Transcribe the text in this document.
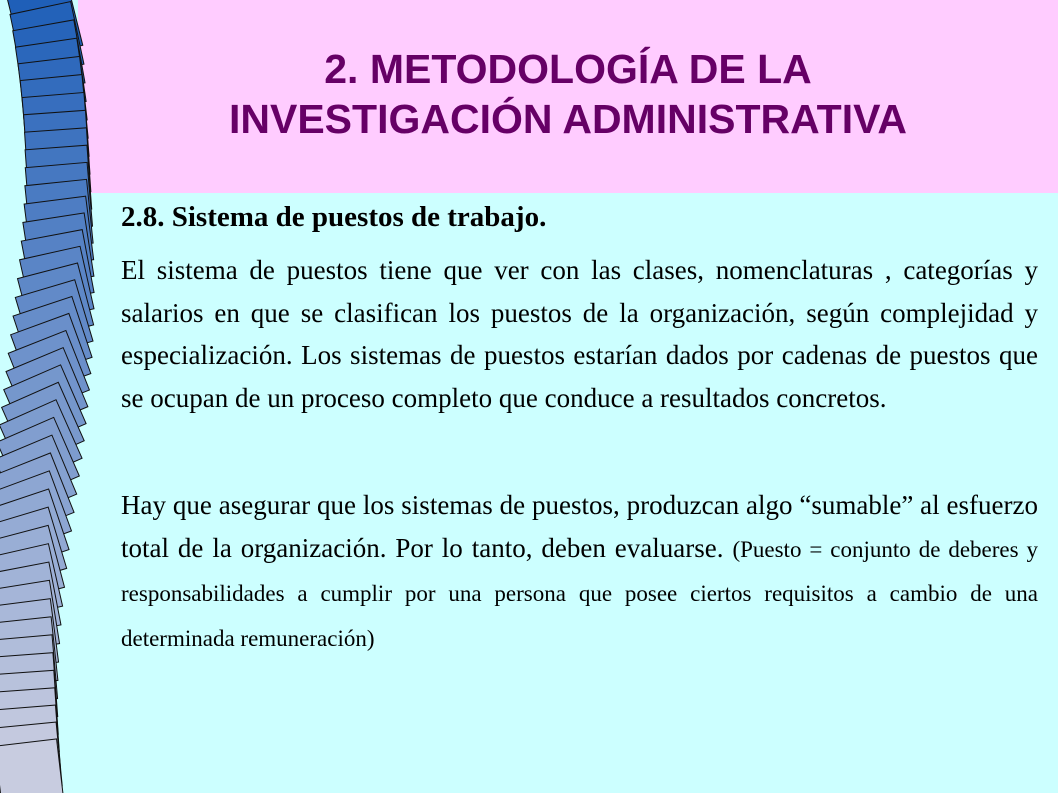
2. METODOLOGÍA DE LA
INVESTIGACIÓN ADMINISTRATIVA

2.8. Sistema de puestos de trabajo.

El sistema de puestos tiene que ver con las clases, nomenclaturas , categorías y salarios en que se clasifican los puestos de la organización, según complejidad y especialización. Los sistemas de puestos estarían dados por cadenas de puestos que se ocupan de un proceso completo que conduce a resultados concretos.

Hay que asegurar que los sistemas de puestos, produzcan algo “sumable” al esfuerzo total de la organización. Por lo tanto, deben evaluarse. (Puesto = conjunto de deberes y responsabilidades a cumplir por una persona que posee ciertos requisitos a cambio de una determinada remuneración)
